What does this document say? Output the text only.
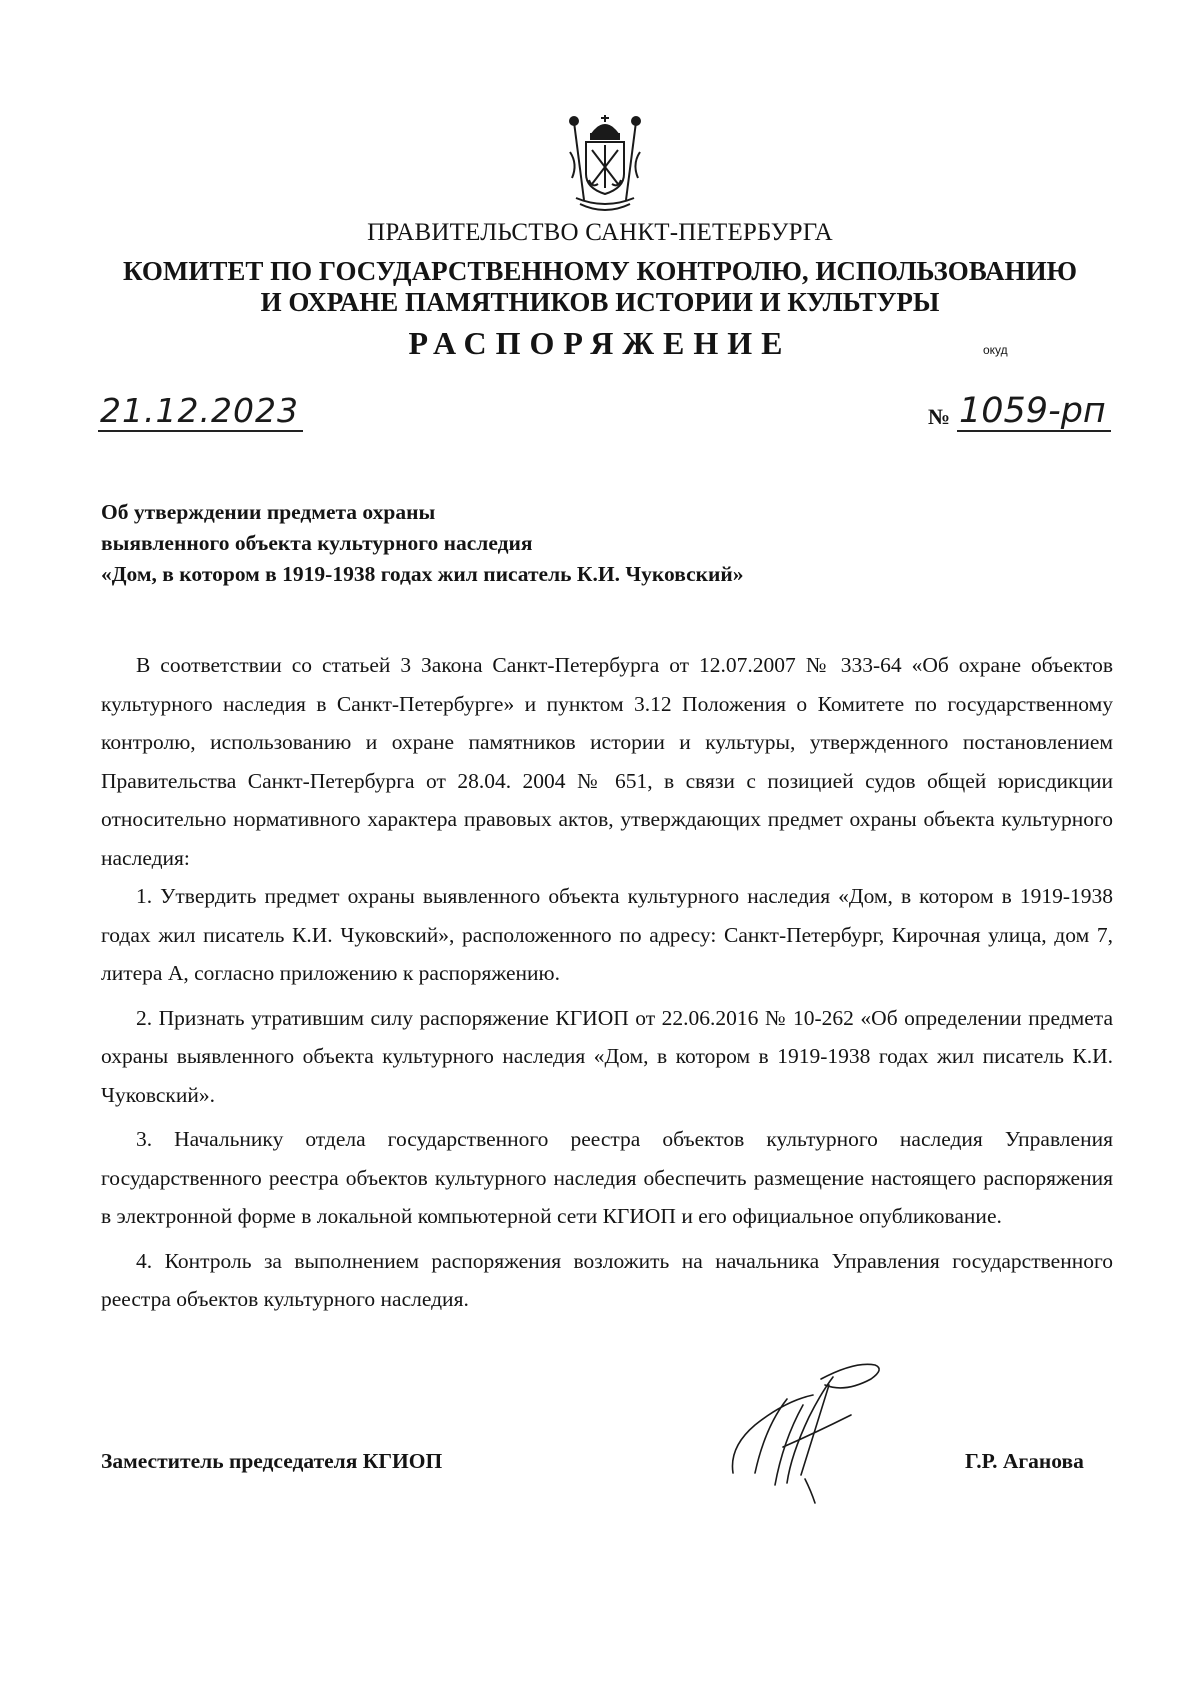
ПРАВИТЕЛЬСТВО САНКТ-ПЕТЕРБУРГА
КОМИТЕТ ПО ГОСУДАРСТВЕННОМУ КОНТРОЛЮ, ИСПОЛЬЗОВАНИЮ
И ОХРАНЕ ПАМЯТНИКОВ ИСТОРИИ И КУЛЬТУРЫ
РАСПОРЯЖЕНИЕ	окуд
21.12.2023	№ 1059-рп
Об утверждении предмета охраны
выявленного объекта культурного наследия
«Дом, в котором в 1919-1938 годах жил писатель К.И. Чуковский»

В соответствии со статьей 3 Закона Санкт-Петербурга от 12.07.2007 № 333-64 «Об охране объектов культурного наследия в Санкт-Петербурге» и пунктом 3.12 Положения о Комитете по государственному контролю, использованию и охране памятников истории и культуры, утвержденного постановлением Правительства Санкт-Петербурга от 28.04. 2004 № 651, в связи с позицией судов общей юрисдикции относительно нормативного характера правовых актов, утверждающих предмет охраны объекта культурного наследия:

1. Утвердить предмет охраны выявленного объекта культурного наследия «Дом, в котором в 1919-1938 годах жил писатель К.И. Чуковский», расположенного по адресу: Санкт-Петербург, Кирочная улица, дом 7, литера А, согласно приложению к распоряжению.

2. Признать утратившим силу распоряжение КГИОП от 22.06.2016 № 10-262 «Об определении предмета охраны выявленного объекта культурного наследия «Дом, в котором в 1919-1938 годах жил писатель К.И. Чуковский».

3. Начальнику отдела государственного реестра объектов культурного наследия Управления государственного реестра объектов культурного наследия обеспечить размещение настоящего распоряжения в электронной форме в локальной компьютерной сети КГИОП и его официальное опубликование.

4. Контроль за выполнением распоряжения возложить на начальника Управления государственного реестра объектов культурного наследия.

Заместитель председателя КГИОП	Г.Р. Аганова
